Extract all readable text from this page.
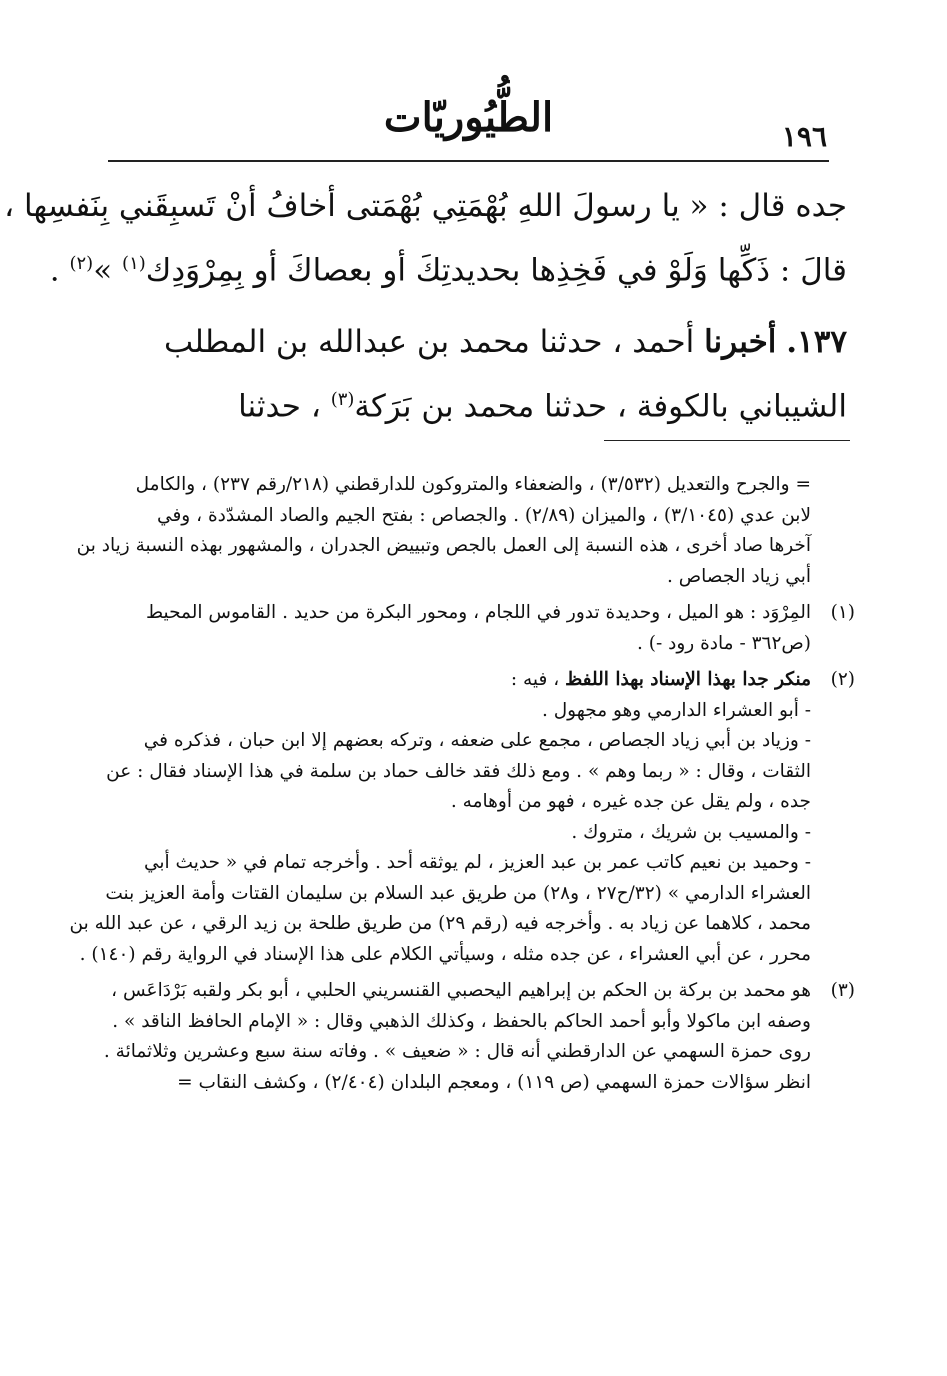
الطُّيُوريّات	١٩٦
جده قال : « يا رسولَ اللهِ بُهْمَتِي بُهْمَتى أخافُ أنْ تَسبِقَني بِنَفسِها ،
قالَ : ذَكِّها وَلَوْ في فَخِذِها بحديدتِكَ أو بعصاكَ أو بِمِرْوَدِك$^{(١)}$ »$^{(٢)}$ .
١٣٧. أخبرنا أحمد ، حدثنا محمد بن عبدالله بن المطلب
الشيباني بالكوفة ، حدثنا محمد بن بَرَكة$^{(٣)}$ ، حدثنا
= والجرح والتعديل (٣/٥٣٢) ، والضعفاء والمتروكون للدارقطني (٢١٨/رقم ٢٣٧) ، والكامل
لابن عدي (٣/١٠٤٥) ، والميزان (٢/٨٩) . والجصاص : بفتح الجيم والصاد المشدّدة ، وفي
آخرها صاد أخرى ، هذه النسبة إلى العمل بالجص وتبييض الجدران ، والمشهور بهذه النسبة زياد بن
أبي زياد الجصاص .
(١)المِرْوَد : هو الميل ، وحديدة تدور في اللجام ، ومحور البكرة من حديد . القاموس المحيط
(ص٣٦٢ - مادة رود -) .
(٢)منكر جدا بهذا الإسناد بهذا اللفظ ، فيه :
- أبو العشراء الدارمي وهو مجهول .
- وزياد بن أبي زياد الجصاص ، مجمع على ضعفه ، وتركه بعضهم إلا ابن حبان ، فذكره في
الثقات ، وقال : « ربما وهم » . ومع ذلك فقد خالف حماد بن سلمة في هذا الإسناد فقال : عن
جده ، ولم يقل عن جده غيره ، فهو من أوهامه .
- والمسيب بن شريك ، متروك .
- وحميد بن نعيم كاتب عمر بن عبد العزيز ، لم يوثقه أحد . وأخرجه تمام في « حديث أبي
العشراء الدارمي » (٣٢/ح٢٧ ، و٢٨) من طريق عبد السلام بن سليمان القتات وأمة العزيز بنت
محمد ، كلاهما عن زياد به . وأخرجه فيه (رقم ٢٩) من طريق طلحة بن زيد الرقي ، عن عبد الله بن
محرر ، عن أبي العشراء ، عن جده مثله ، وسيأتي الكلام على هذا الإسناد في الرواية رقم (١٤٠) .
(٣)هو محمد بن بركة بن الحكم بن إبراهيم اليحصبي القنسريني الحلبي ، أبو بكر ولقبه بَرْدَاعَس ،
وصفه ابن ماكولا وأبو أحمد الحاكم بالحفظ ، وكذلك الذهبي وقال : « الإمام الحافظ الناقد » .
روى حمزة السهمي عن الدارقطني أنه قال : « ضعيف » . وفاته سنة سبع وعشرين وثلاثمائة .
انظر سؤالات حمزة السهمي (ص ١١٩) ، ومعجم البلدان (٢/٤٠٤) ، وكشف النقاب =
